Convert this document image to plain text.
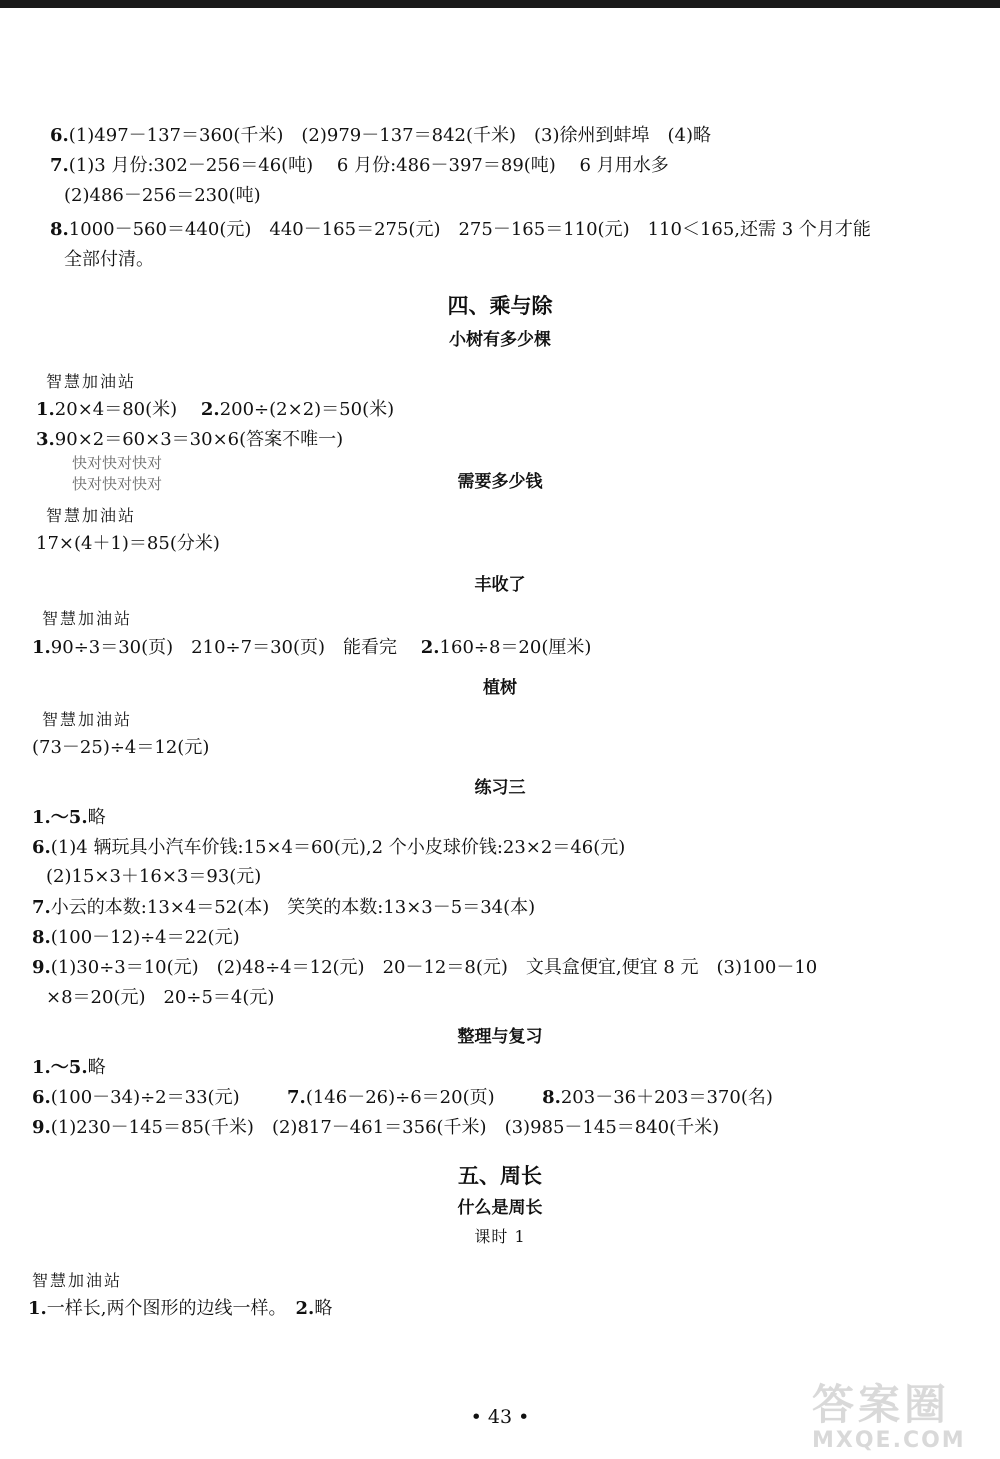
6.(1)497－137＝360(千米)　(2)979－137＝842(千米)　(3)徐州到蚌埠　(4)略
7.(1)3 月份:302－256＝46(吨)　 6 月份:486－397＝89(吨)　 6 月用水多
(2)486－256＝230(吨)
8.1000－560＝440(元)　440－165＝275(元)　275－165＝110(元)　110＜165,还需 3 个月才能
全部付清。
四、乘与除
小树有多少棵
智慧加油站
1.20×4＝80(米)　 2.200÷(2×2)＝50(米)
3.90×2＝60×3＝30×6(答案不唯一)
快对快对快对
快对快对快对	需要多少钱
智慧加油站
17×(4＋1)＝85(分米)
丰收了
智慧加油站
1.90÷3＝30(页)　210÷7＝30(页)　能看完　 2.160÷8＝20(厘米)
植树
智慧加油站
(73－25)÷4＝12(元)
练习三
1.～5.略
6.(1)4 辆玩具小汽车价钱:15×4＝60(元),2 个小皮球价钱:23×2＝46(元)
(2)15×3＋16×3＝93(元)
7.小云的本数:13×4＝52(本)　笑笑的本数:13×3－5＝34(本)
8.(100－12)÷4＝22(元)
9.(1)30÷3＝10(元)　(2)48÷4＝12(元)　20－12＝8(元)　文具盒便宜,便宜 8 元　(3)100－10
×8＝20(元)　20÷5＝4(元)
整理与复习
1.～5.略
6.(100－34)÷2＝33(元)　 　 7.(146－26)÷6＝20(页)　 　 8.203－36＋203＝370(名)
9.(1)230－145＝85(千米)　(2)817－461＝356(千米)　(3)985－145＝840(千米)
五、周长
什么是周长
课时 1
智慧加油站
1.一样长,两个图形的边线一样。　2.略
• 43 •	答案圈
MXQE.COM
